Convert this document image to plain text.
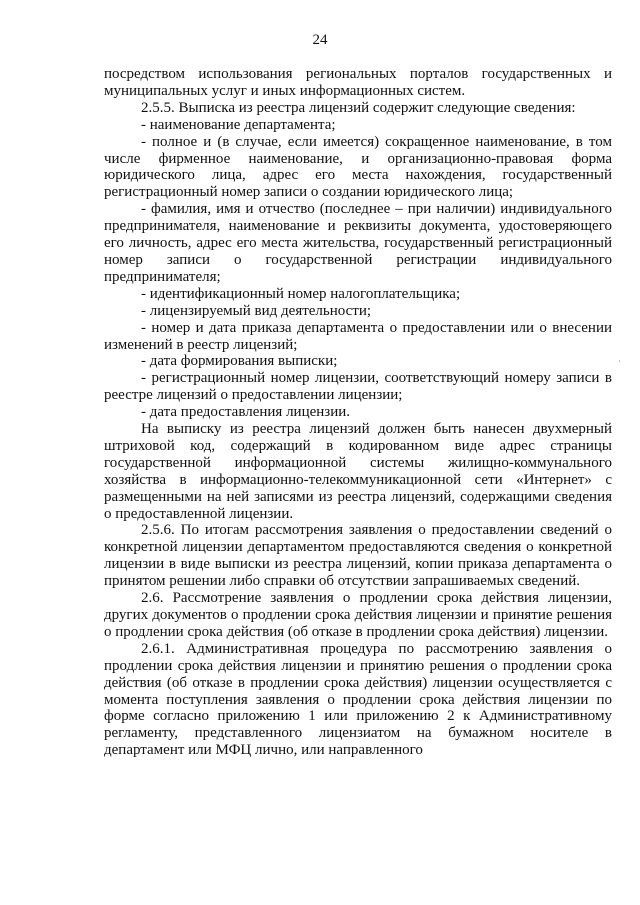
24

посредством использования региональных порталов государственных и муниципальных услуг и иных информационных систем.

2.5.5. Выписка из реестра лицензий содержит следующие сведения:

- наименование департамента;

- полное и (в случае, если имеется) сокращенное наименование, в том числе фирменное наименование, и организационно-правовая форма юридического лица, адрес его места нахождения, государственный регистрационный номер записи о создании юридического лица;

- фамилия, имя и отчество (последнее – при наличии) индивидуального предпринимателя, наименование и реквизиты документа, удостоверяющего его личность, адрес его места жительства, государственный регистрационный номер записи о государственной регистрации индивидуального предпринимателя;

- идентификационный номер налогоплательщика;

- лицензируемый вид деятельности;

- номер и дата приказа департамента о предоставлении или о внесении изменений в реестр лицензий;

- дата формирования выписки;

- регистрационный номер лицензии, соответствующий номеру записи в реестре лицензий о предоставлении лицензии;

- дата предоставления лицензии.

На выписку из реестра лицензий должен быть нанесен двухмерный штриховой код, содержащий в кодированном виде адрес страницы государственной информационной системы жилищно-коммунального хозяйства в информационно-телекоммуникационной сети «Интернет» с размещенными на ней записями из реестра лицензий, содержащими сведения о предоставленной лицензии.

2.5.6. По итогам рассмотрения заявления о предоставлении сведений о конкретной лицензии департаментом предоставляются сведения о конкретной лицензии в виде выписки из реестра лицензий, копии приказа департамента о принятом решении либо справки об отсутствии запрашиваемых сведений.

2.6. Рассмотрение заявления о продлении срока действия лицензии, других документов о продлении срока действия лицензии и принятие решения о продлении срока действия (об отказе в продлении срока действия) лицензии.

2.6.1. Административная процедура по рассмотрению заявления о продлении срока действия лицензии и принятию решения о продлении срока действия (об отказе в продлении срока действия) лицензии осуществляется с момента поступления заявления о продлении срока действия лицензии по форме согласно приложению 1 или приложению 2 к Административному регламенту, представленного лицензиатом на бумажном носителе в департамент или МФЦ лично, или направленного
